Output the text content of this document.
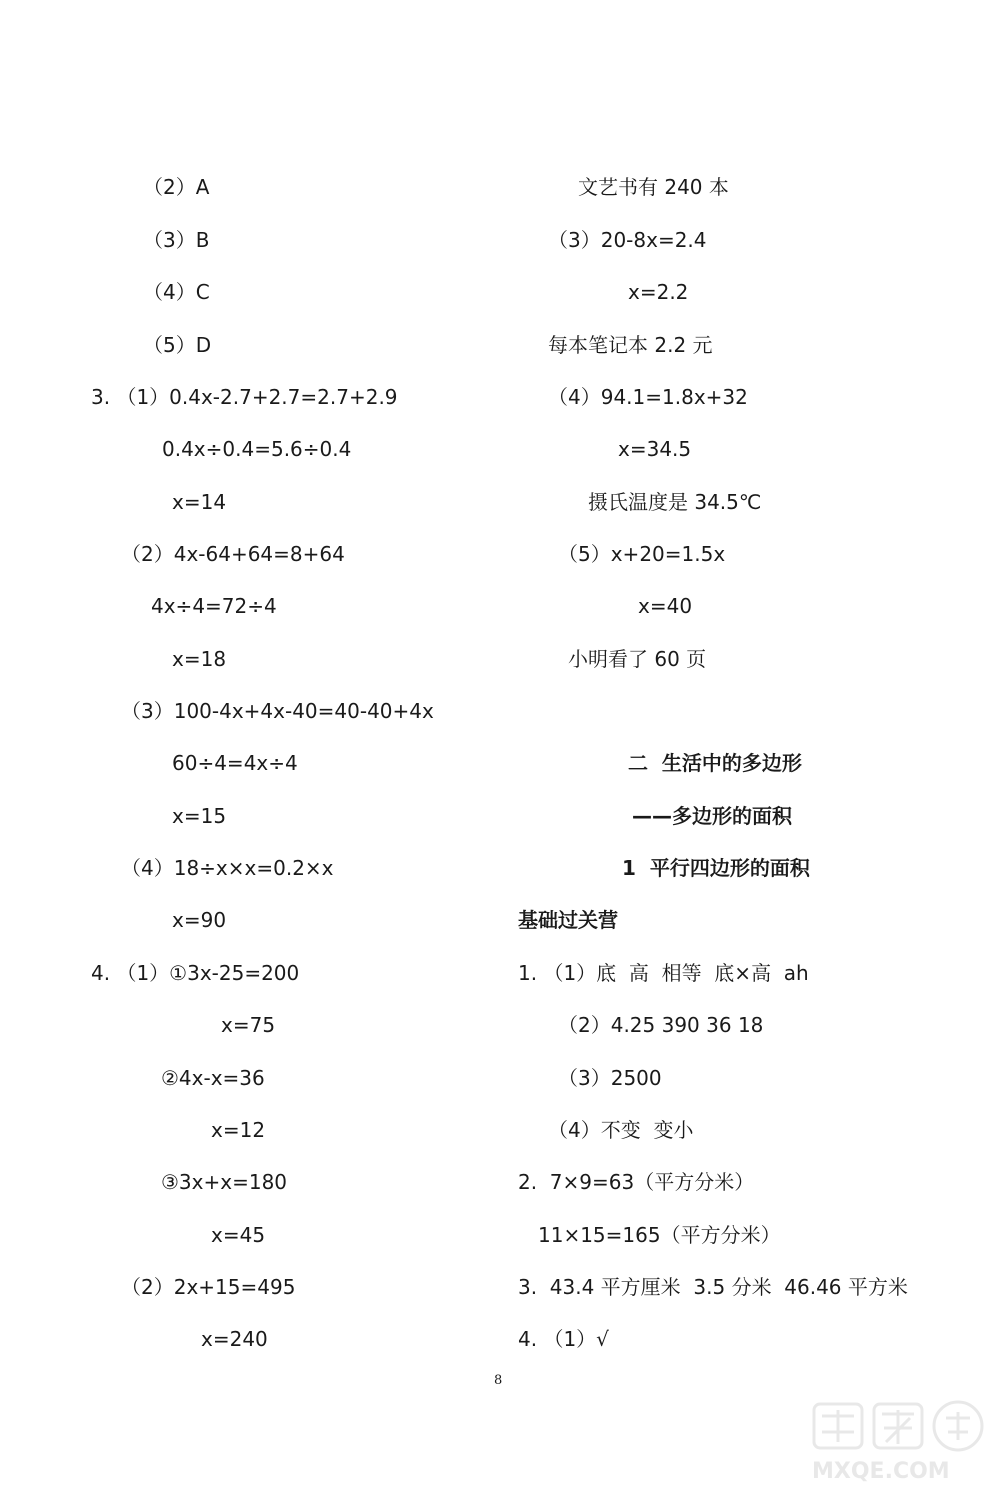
（2）A
（3）B
（4）C
（5）D
3. （1）0.4x-2.7+2.7=2.7+2.9
0.4x÷0.4=5.6÷0.4
x=14
（2）4x-64+64=8+64
4x÷4=72÷4
x=18
（3）100-4x+4x-40=40-40+4x
60÷4=4x÷4
x=15
（4）18÷x×x=0.2×x
x=90
4. （1）①3x-25=200
x=75
②4x-x=36
x=12
③3x+x=180
x=45
（2）2x+15=495
x=240
文艺书有 240 本
（3）20-8x=2.4
x=2.2
每本笔记本 2.2 元
（4）94.1=1.8x+32
x=34.5
摄氏温度是 34.5℃
（5）x+20=1.5x
x=40
小明看了 60 页
二  生活中的多边形
——多边形的面积
1  平行四边形的面积
基础过关营
1. （1）底  高  相等  底×高  ah
（2）4.25 390 36 18
（3）2500
（4）不变  变小
2.  7×9=63（平方分米）
11×15=165（平方分米）
3.  43.4 平方厘米  3.5 分米  46.46 平方米
4. （1）√
8
MXQE.COM
